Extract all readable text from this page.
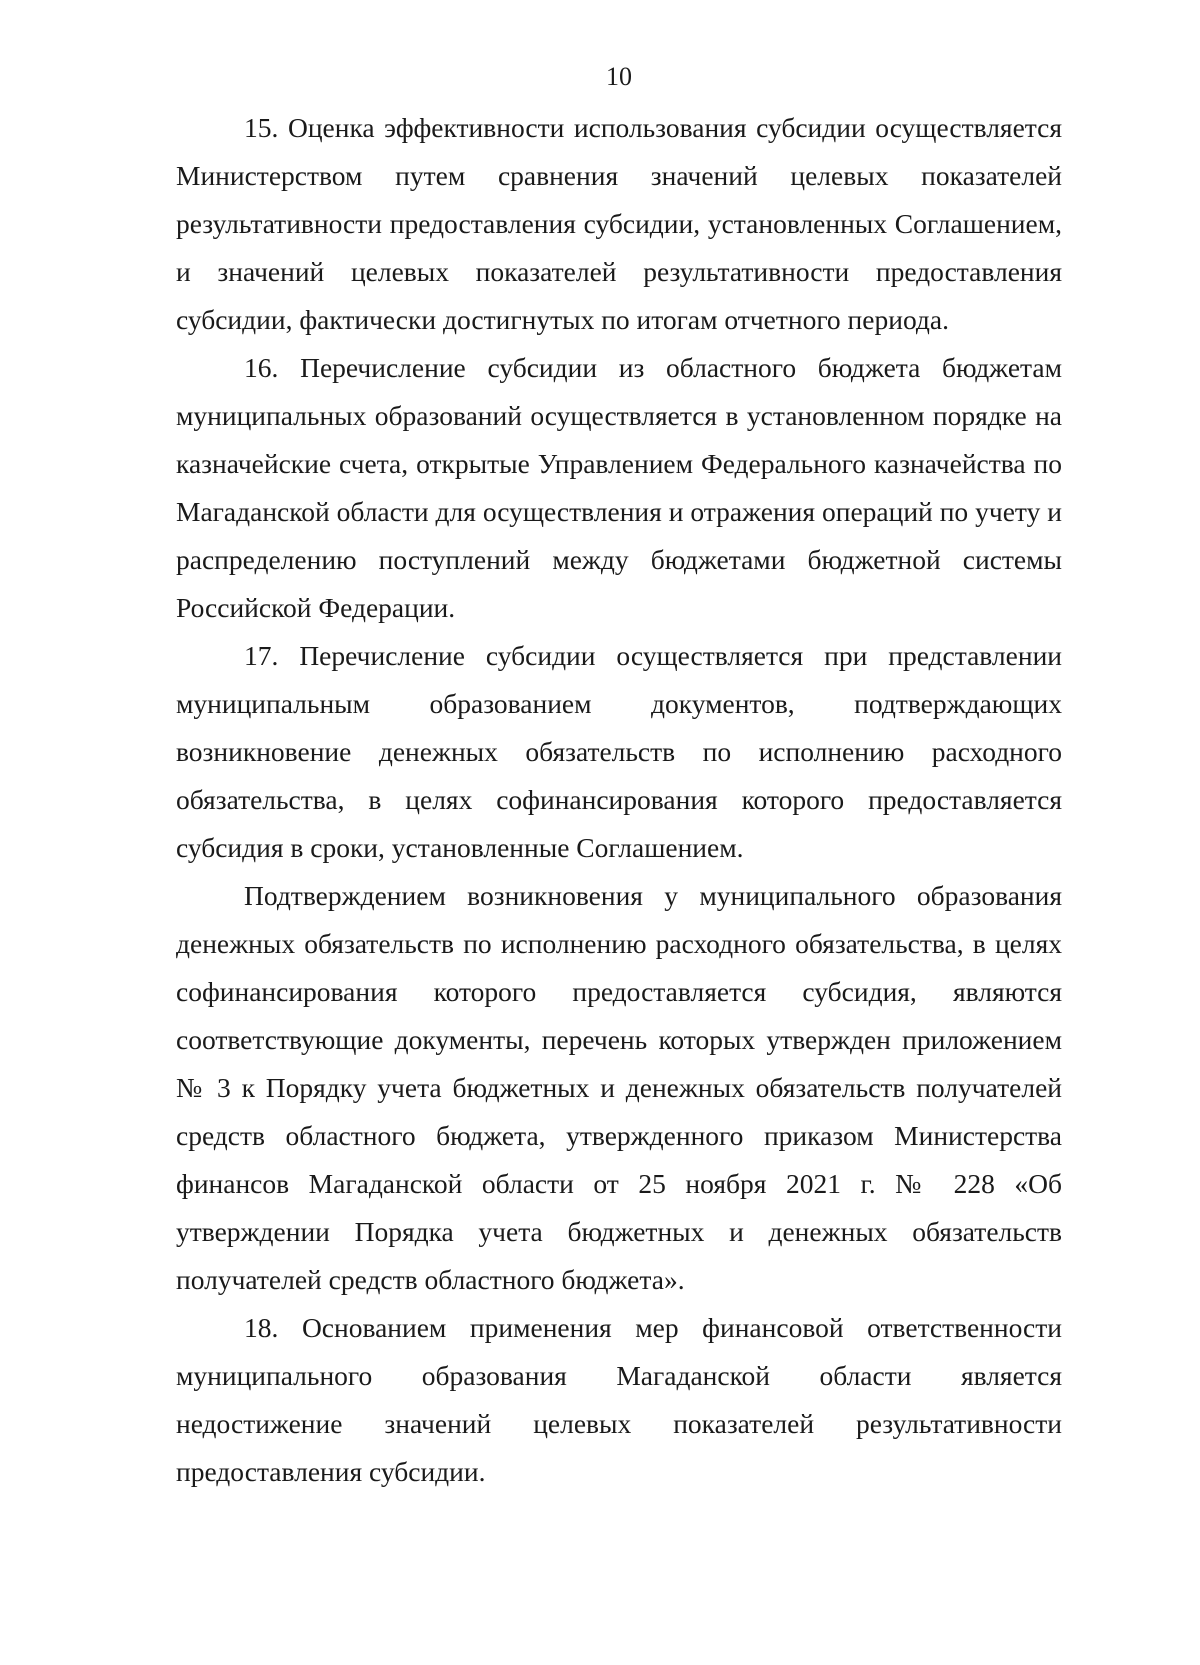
10

15. Оценка эффективности использования субсидии осуществляется Министерством путем сравнения значений целевых показателей результативности предоставления субсидии, установленных Соглашением, и значений целевых показателей результативности предоставления субсидии, фактически достигнутых по итогам отчетного периода.

16. Перечисление субсидии из областного бюджета бюджетам муниципальных образований осуществляется в установленном порядке на казначейские счета, открытые Управлением Федерального казначейства по Магаданской области для осуществления и отражения операций по учету и распределению поступлений между бюджетами бюджетной системы Российской Федерации.

17. Перечисление субсидии осуществляется при представлении муниципальным образованием документов, подтверждающих возникновение денежных обязательств по исполнению расходного обязательства, в целях софинансирования которого предоставляется субсидия в сроки, установленные Соглашением.

Подтверждением возникновения у муниципального образования денежных обязательств по исполнению расходного обязательства, в целях софинансирования которого предоставляется субсидия, являются соответствующие документы, перечень которых утвержден приложением № 3 к Порядку учета бюджетных и денежных обязательств получателей средств областного бюджета, утвержденного приказом Министерства финансов Магаданской области от 25 ноября 2021 г. № 228 «Об утверждении Порядка учета бюджетных и денежных обязательств получателей средств областного бюджета».

18. Основанием применения мер финансовой ответственности муниципального образования Магаданской области является недостижение значений целевых показателей результативности предоставления субсидии.
